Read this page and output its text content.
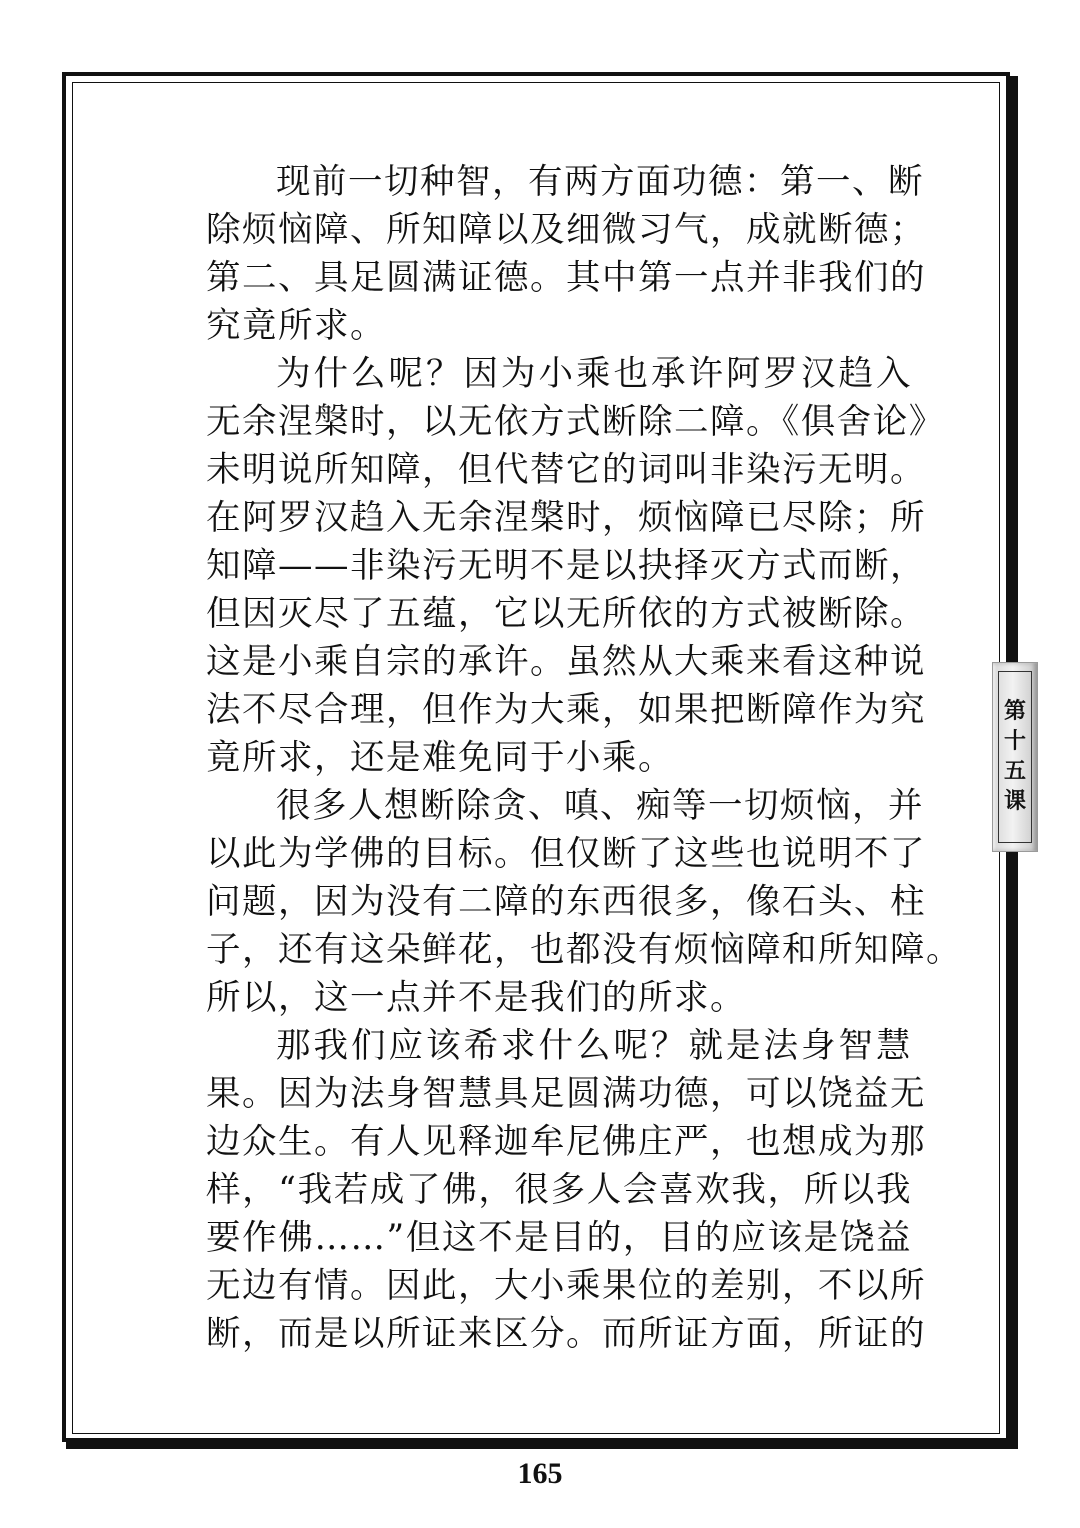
现前一切种智，有两方面功德：第一、断
除烦恼障、所知障以及细微习气，成就断德；
第二、具足圆满证德。其中第一点并非我们的
究竟所求。
为什么呢？因为小乘也承许阿罗汉趋入
无余涅槃时，以无依方式断除二障。《俱舍论》
未明说所知障，但代替它的词叫非染污无明。
在阿罗汉趋入无余涅槃时，烦恼障已尽除；所
知障——非染污无明不是以抉择灭方式而断，
但因灭尽了五蕴，它以无所依的方式被断除。
这是小乘自宗的承许。虽然从大乘来看这种说
法不尽合理，但作为大乘，如果把断障作为究
竟所求，还是难免同于小乘。
很多人想断除贪、嗔、痴等一切烦恼，并
以此为学佛的目标。但仅断了这些也说明不了
问题，因为没有二障的东西很多，像石头、柱
子，还有这朵鲜花，也都没有烦恼障和所知障。
所以，这一点并不是我们的所求。
那我们应该希求什么呢？就是法身智慧
果。因为法身智慧具足圆满功德，可以饶益无
边众生。有人见释迦牟尼佛庄严，也想成为那
样，“我若成了佛，很多人会喜欢我，所以我
要作佛……”但这不是目的，目的应该是饶益
无边有情。因此，大小乘果位的差别，不以所
断，而是以所证来区分。而所证方面，所证的
第
十
五
课
165
